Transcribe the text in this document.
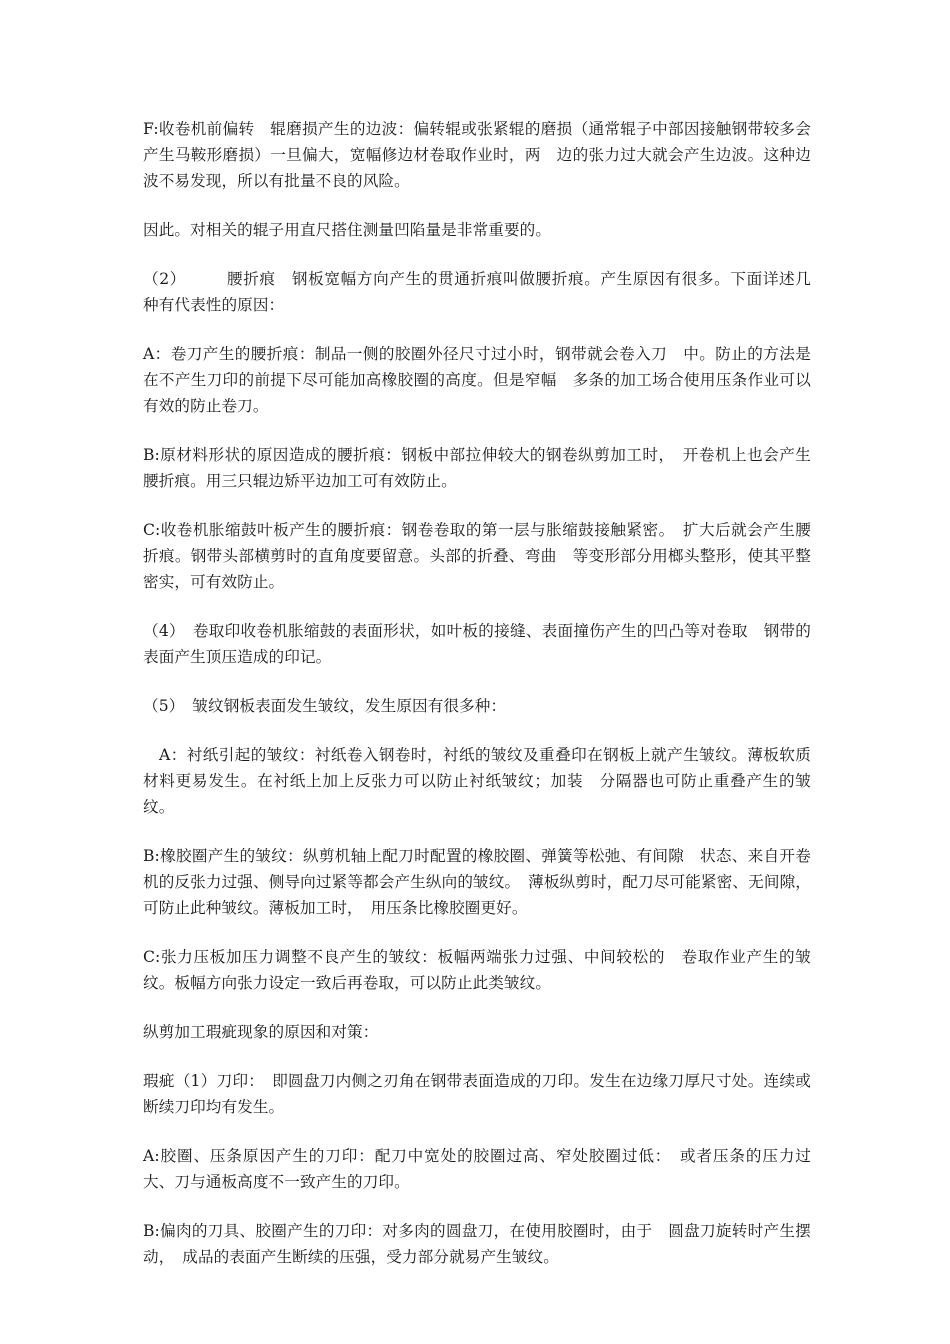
F:收卷机前偏转　辊磨损产生的边波：偏转辊或张紧辊的磨损（通常辊子中部因接触钢带较多会产生马鞍形磨损）一旦偏大，宽幅修边材卷取作业时，两　边的张力过大就会产生边波。这种边波不易发现，所以有批量不良的风险。

因此。对相关的辊子用直尺搭住测量凹陷量是非常重要的。

（2）　　　腰折痕　钢板宽幅方向产生的贯通折痕叫做腰折痕。产生原因有很多。下面详述几　种有代表性的原因：

A：卷刀产生的腰折痕：制品一侧的胶圈外径尺寸过小时，钢带就会卷入刀　中。防止的方法是在不产生刀印的前提下尽可能加高橡胶圈的高度。但是窄幅　多条的加工场合使用压条作业可以有效的防止卷刀。

B:原材料形状的原因造成的腰折痕：钢板中部拉伸较大的钢卷纵剪加工时，　开卷机上也会产生腰折痕。用三只辊边矫平边加工可有效防止。

C:收卷机胀缩鼓叶板产生的腰折痕：钢卷卷取的第一层与胀缩鼓接触紧密。　扩大后就会产生腰折痕。钢带头部横剪时的直角度要留意。头部的折叠、弯曲　等变形部分用榔头整形，使其平整密实，可有效防止。

（4）　卷取印收卷机胀缩鼓的表面形状，如叶板的接缝、表面撞伤产生的凹凸等对卷取　钢带的表面产生顶压造成的印记。

（5）　皱纹钢板表面发生皱纹，发生原因有很多种：

　A：衬纸引起的皱纹：衬纸卷入钢卷时，衬纸的皱纹及重叠印在钢板上就产生皱纹。薄板软质材料更易发生。在衬纸上加上反张力可以防止衬纸皱纹；加装　分隔器也可防止重叠产生的皱纹。

B:橡胶圈产生的皱纹：纵剪机轴上配刀时配置的橡胶圈、弹簧等松弛、有间隙　状态、来自开卷机的反张力过强、侧导向过紧等都会产生纵向的皱纹。　薄板纵剪时，配刀尽可能紧密、无间隙，可防止此种皱纹。薄板加工时，　用压条比橡胶圈更好。

C:张力压板加压力调整不良产生的皱纹：板幅两端张力过强、中间较松的　卷取作业产生的皱纹。板幅方向张力设定一致后再卷取，可以防止此类皱纹。

纵剪加工瑕疵现象的原因和对策：

瑕疵（1）刀印：　即圆盘刀内侧之刃角在钢带表面造成的刀印。发生在边缘刀厚尺寸处。连续或断续刀印均有发生。

A:胶圈、压条原因产生的刀印：配刀中宽处的胶圈过高、窄处胶圈过低：　或者压条的压力过大、刀与通板高度不一致产生的刀印。

B:偏肉的刀具、胶圈产生的刀印：对多肉的圆盘刀，在使用胶圈时，由于　圆盘刀旋转时产生摆动，　成品的表面产生断续的压强，受力部分就易产生皱纹。
